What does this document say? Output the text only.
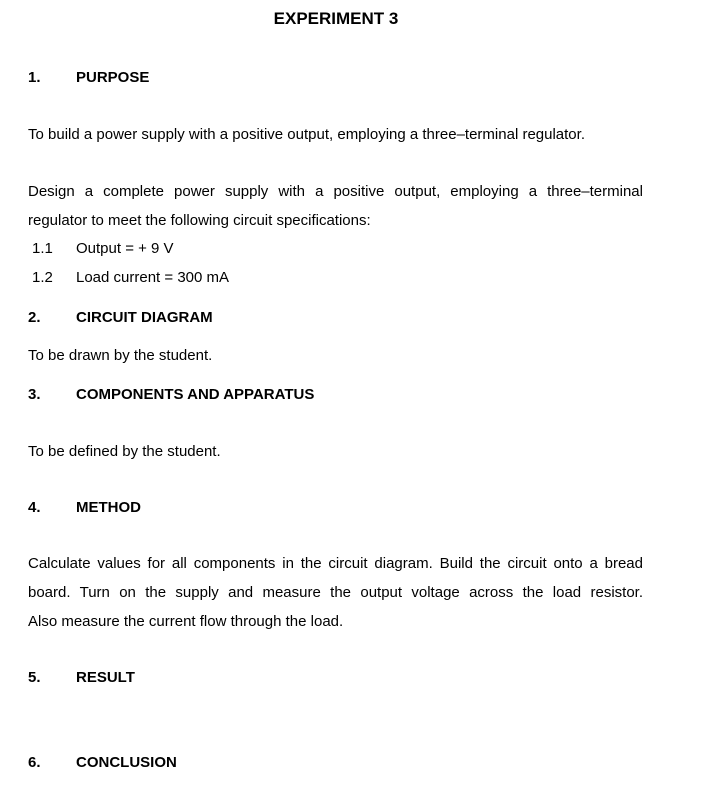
EXPERIMENT 3
1. PURPOSE
To build a power supply with a positive output, employing a three–terminal regulator.
Design a complete power supply with a positive output, employing a three–terminal
regulator to meet the following circuit specifications:
1.1 Output = + 9 V
1.2 Load current = 300 mA
2. CIRCUIT DIAGRAM
To be drawn by the student.
3. COMPONENTS AND APPARATUS
To be defined by the student.
4. METHOD
Calculate values for all components in the circuit diagram. Build the circuit onto a bread
board. Turn on the supply and measure the output voltage across the load resistor.
Also measure the current flow through the load.
5. RESULT
6. CONCLUSION
